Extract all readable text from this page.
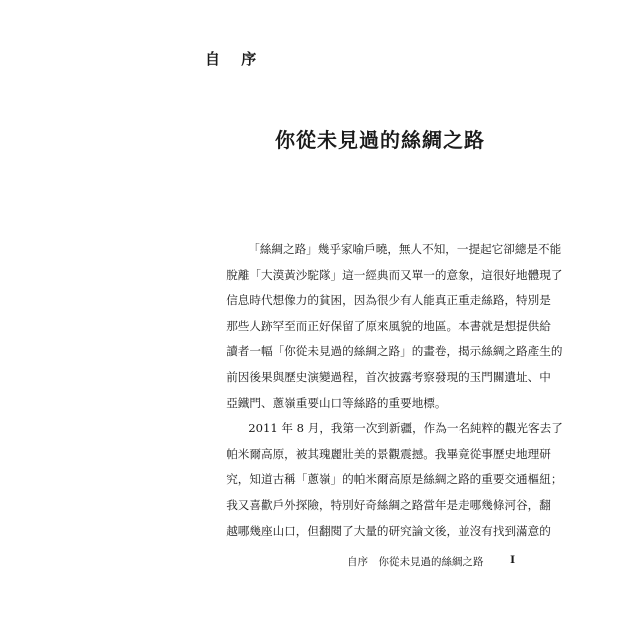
自 序
你從未見過的絲綢之路
「絲綢之路」幾乎家喻戶曉，無人不知，一提起它卻總是不能
脫離「大漠黃沙駝隊」這一經典而又單一的意象，這很好地體現了
信息時代想像力的貧困，因為很少有人能真正重走絲路，特別是
那些人跡罕至而正好保留了原來風貌的地區。本書就是想提供給
讀者一幅「你從未見過的絲綢之路」的畫卷，揭示絲綢之路產生的
前因後果與歷史演變過程，首次披露考察發現的玉門關遺址、中
亞鐵門、蔥嶺重要山口等絲路的重要地標。
2011 年 8 月，我第一次到新疆，作為一名純粹的觀光客去了
帕米爾高原，被其瑰麗壯美的景觀震撼。我畢竟從事歷史地理研
究，知道古稱「蔥嶺」的帕米爾高原是絲綢之路的重要交通樞紐；
我又喜歡戶外探險，特別好奇絲綢之路當年是走哪幾條河谷，翻
越哪幾座山口，但翻閱了大量的研究論文後，並沒有找到滿意的
自序　你從未見過的絲綢之路	I
